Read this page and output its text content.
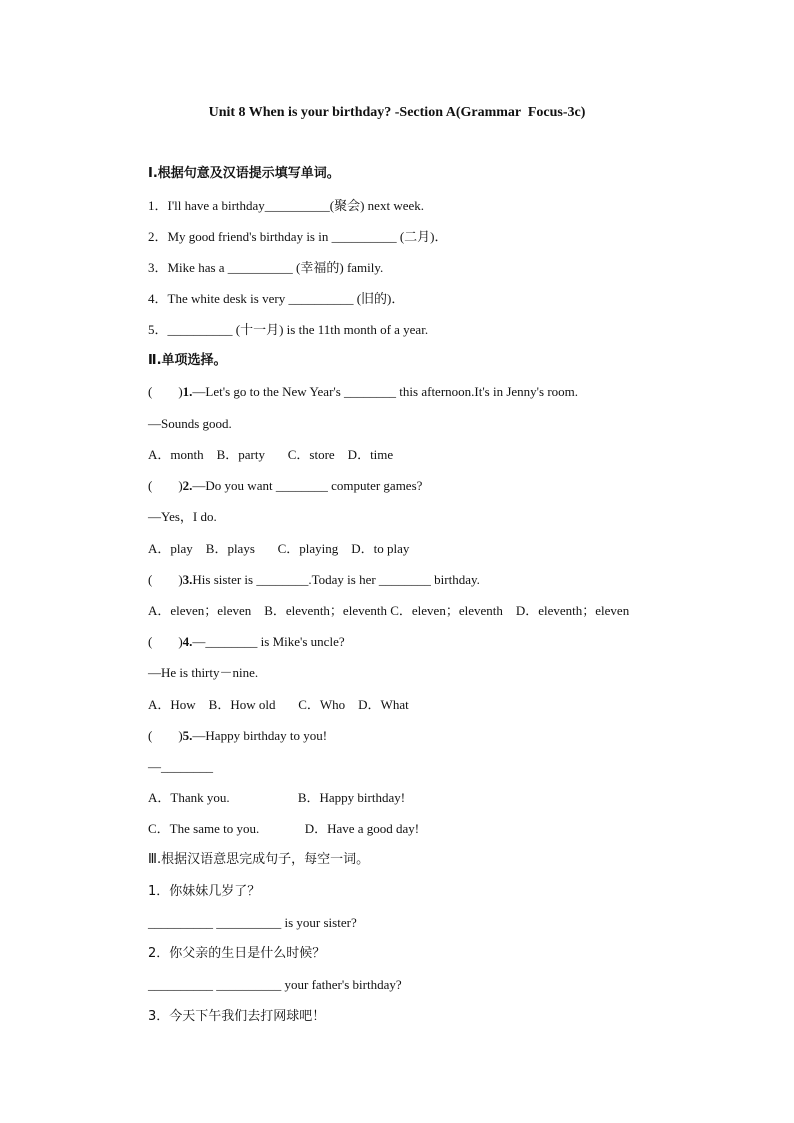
Unit 8 When is your birthday? -Section A(Grammar  Focus-3c)
Ⅰ.根据句意及汉语提示填写单词。
1．I'll have a birthday__________(聚会) next week.
2．My good friend's birthday is in __________ (二月)．
3．Mike has a __________ (幸福的) family.
4．The white desk is very __________ (旧的)．
5．__________ (十一月) is the 11th month of a year.
Ⅱ.单项选择。
(        )1.—Let's go to the New Year's ________ this afternoon.It's in Jenny's room.
—Sounds good.
A．month    B．party       C．store    D．time
(        )2.—Do you want ________ computer games?
—Yes，I do.
A．play    B．plays       C．playing    D．to play
(        )3.His sister is ________.Today is her ________ birthday.
A．eleven；eleven    B．eleventh；eleventh C．eleven；eleventh    D．eleventh；eleven
(        )4.—________ is Mike's uncle?
—He is thirty－nine.
A．How    B．How old       C．Who    D．What
(        )5.—Happy birthday to you!
—________
A．Thank you.                     B．Happy birthday!
C．The same to you.              D．Have a good day!
Ⅲ.根据汉语意思完成句子，每空一词。
1．你妹妹几岁了？
__________ __________ is your sister?
2．你父亲的生日是什么时候？
__________ __________ your father's birthday?
3．今天下午我们去打网球吧！
